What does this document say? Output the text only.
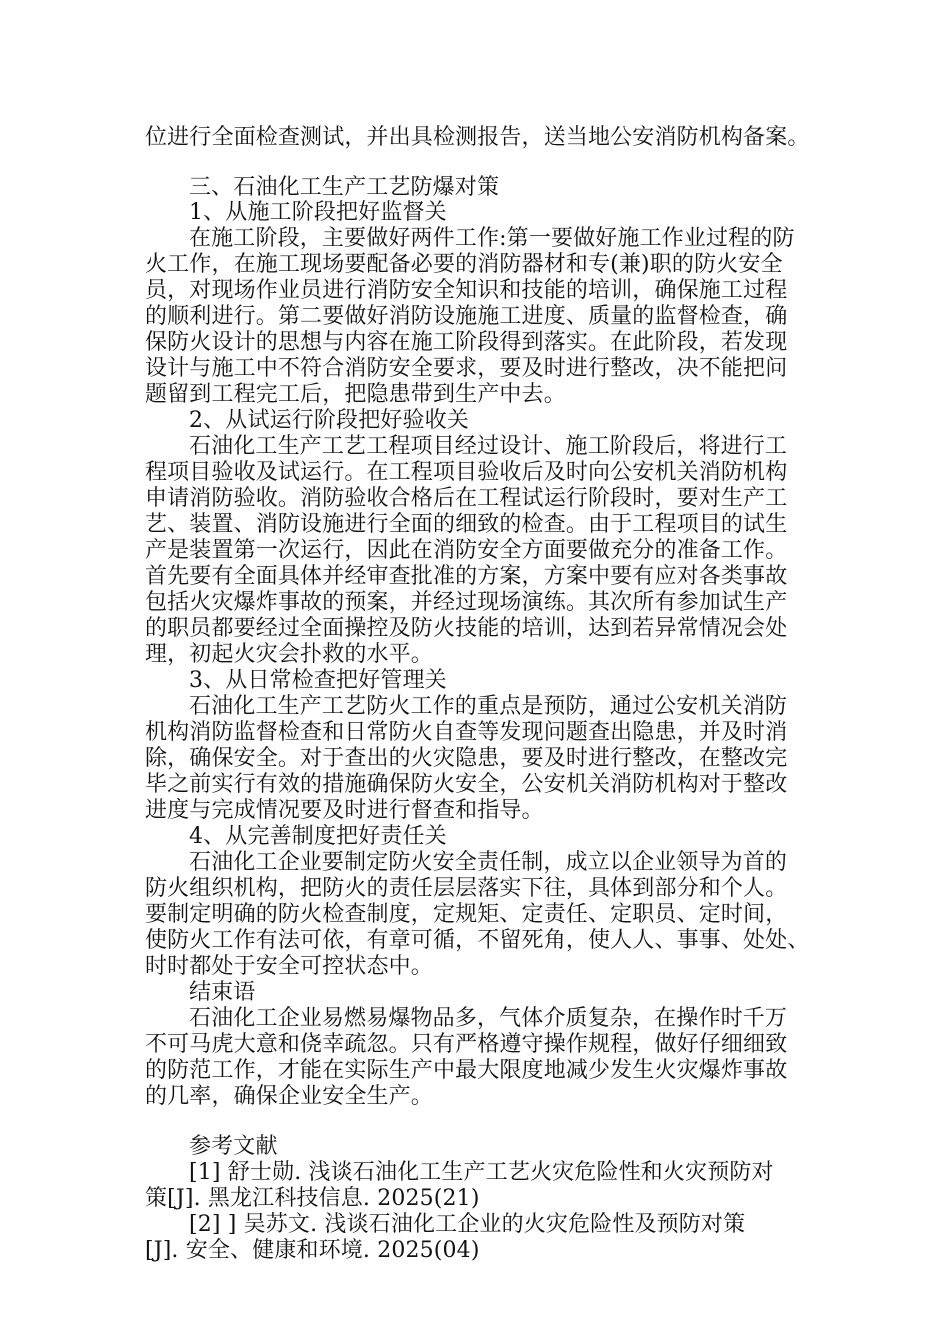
位进行全面检查测试，并出具检测报告，送当地公安消防机构备案。
三、石油化工生产工艺防爆对策
1、从施工阶段把好监督关
在施工阶段，主要做好两件工作:第一要做好施工作业过程的防
火工作，在施工现场要配备必要的消防器材和专(兼)职的防火安全
员，对现场作业员进行消防安全知识和技能的培训，确保施工过程
的顺利进行。第二要做好消防设施施工进度、质量的监督检查，确
保防火设计的思想与内容在施工阶段得到落实。在此阶段，若发现
设计与施工中不符合消防安全要求，要及时进行整改，决不能把问
题留到工程完工后，把隐患带到生产中去。
2、从试运行阶段把好验收关
石油化工生产工艺工程项目经过设计、施工阶段后，将进行工
程项目验收及试运行。在工程项目验收后及时向公安机关消防机构
申请消防验收。消防验收合格后在工程试运行阶段时，要对生产工
艺、装置、消防设施进行全面的细致的检查。由于工程项目的试生
产是装置第一次运行，因此在消防安全方面要做充分的准备工作。
首先要有全面具体并经审查批准的方案，方案中要有应对各类事故
包括火灾爆炸事故的预案，并经过现场演练。其次所有参加试生产
的职员都要经过全面操控及防火技能的培训，达到若异常情况会处
理，初起火灾会扑救的水平。
3、从日常检查把好管理关
石油化工生产工艺防火工作的重点是预防，通过公安机关消防
机构消防监督检查和日常防火自查等发现问题查出隐患，并及时消
除，确保安全。对于查出的火灾隐患，要及时进行整改，在整改完
毕之前实行有效的措施确保防火安全，公安机关消防机构对于整改
进度与完成情况要及时进行督查和指导。
4、从完善制度把好责任关
石油化工企业要制定防火安全责任制，成立以企业领导为首的
防火组织机构，把防火的责任层层落实下往，具体到部分和个人。
要制定明确的防火检查制度，定规矩、定责任、定职员、定时间，
使防火工作有法可依，有章可循，不留死角，使人人、事事、处处、
时时都处于安全可控状态中。
结束语
石油化工企业易燃易爆物品多，气体介质复杂，在操作时千万
不可马虎大意和侥幸疏忽。只有严格遵守操作规程，做好仔细细致
的防范工作，才能在实际生产中最大限度地减少发生火灾爆炸事故
的几率，确保企业安全生产。
参考文献
[1] 舒士勋. 浅谈石油化工生产工艺火灾危险性和火灾预防对
策[J]. 黑龙江科技信息. 2025(21)
[2] ] 吴苏文. 浅谈石油化工企业的火灾危险性及预防对策
[J]. 安全、健康和环境. 2025(04)
